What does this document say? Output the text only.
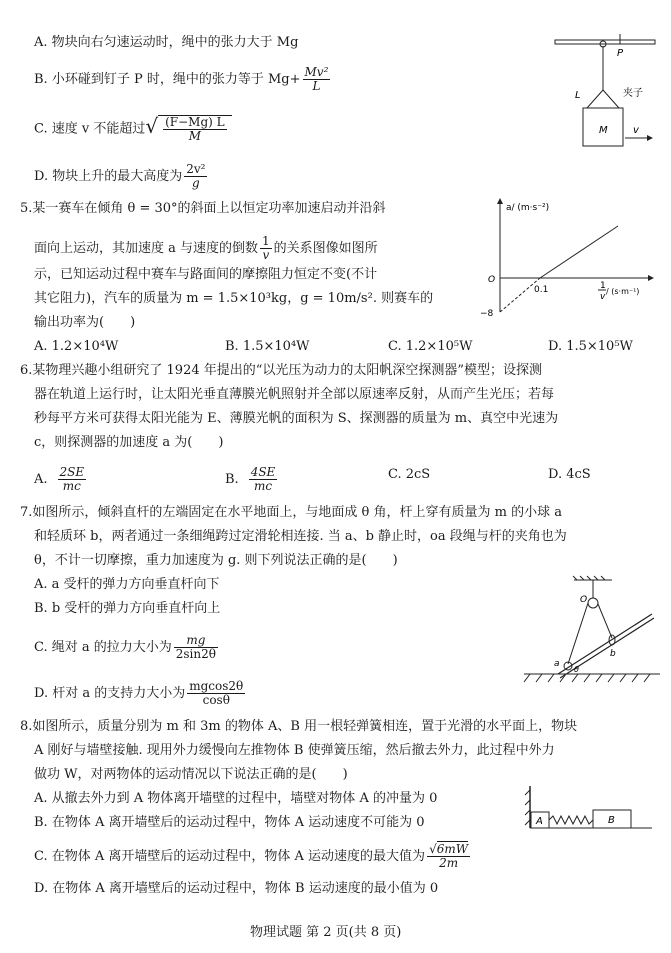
A. 物块向右匀速运动时，绳中的张力大于 Mg
B. 小环碰到钉子 P 时，绳中的张力等于 $Mg+ \frac{\text{Mv²}}{L}$
C. 速度 v 不能超过√ $\frac{(F-Mg) L}{M}$
D. 物块上升的最大高度为 $\frac{\text{2v²}}{g}$
P
L	夹子
M	v
5.某一赛车在倾角 θ = 30°的斜面上以恒定功率加速启动并沿斜
面向上运动，其加速度 a 与速度的倒数 $\frac{1}{v}$ 的关系图像如图所
示，已知运动过程中赛车与路面间的摩擦阻力恒定不变(不计
其它阻力)，汽车的质量为 m = 1.5×10³kg，g = 10m/s². 则赛车的
输出功率为(　　)
A. 1.2×10⁴W	B. 1.5×10⁴W	C. 1.2×10⁵W	D. 1.5×10⁵W
a/ (m·s⁻²)
O
0.1
−8
1
v
/ (s·m⁻¹)
6.某物理兴趣小组研究了 1924 年提出的“以光压为动力的太阳帆深空探测器”模型；设探测
器在轨道上运行时，让太阳光垂直薄膜光帆照射并全部以原速率反射，从而产生光压；若每
秒每平方米可获得太阳光能为 E、薄膜光帆的面积为 S、探测器的质量为 m、真空中光速为
c，则探测器的加速度 a 为(　　)
A. $\frac{2SE}{mc}$	B. $\frac{4SE}{mc}$	C. 2cS	D. 4cS
7.如图所示，倾斜直杆的左端固定在水平地面上，与地面成 θ 角，杆上穿有质量为 m 的小球 a
和轻质环 b，两者通过一条细绳跨过定滑轮相连接. 当 a、b 静止时，oa 段绳与杆的夹角也为
θ，不计一切摩擦，重力加速度为 g. 则下列说法正确的是(　　)
A. a 受杆的弹力方向垂直杆向下
B. b 受杆的弹力方向垂直杆向上
C. 绳对 a 的拉力大小为 $\frac{mg}{2\sin 2\theta}$
D. 杆对 a 的支持力大小为 $\frac{mgcos2\theta}{\cos\theta}$
O
a
b
θ
8.如图所示，质量分别为 m 和 3m 的物体 A、B 用一根轻弹簧相连，置于光滑的水平面上，物块
A 刚好与墙壁接触. 现用外力缓慢向左推物体 B 使弹簧压缩，然后撤去外力，此过程中外力
做功 W，对两物体的运动情况以下说法正确的是(　　)
A. 从撤去外力到 A 物体离开墙壁的过程中，墙壁对物体 A 的冲量为 0
B. 在物体 A 离开墙壁后的运动过程中，物体 A 运动速度不可能为 0
C. 在物体 A 离开墙壁后的运动过程中，物体 A 运动速度的最大值为 $\frac{√6mW}{2m}$
D. 在物体 A 离开墙壁后的运动过程中，物体 B 运动速度的最小值为 0
A	B
物理试题 第 2 页(共 8 页)
